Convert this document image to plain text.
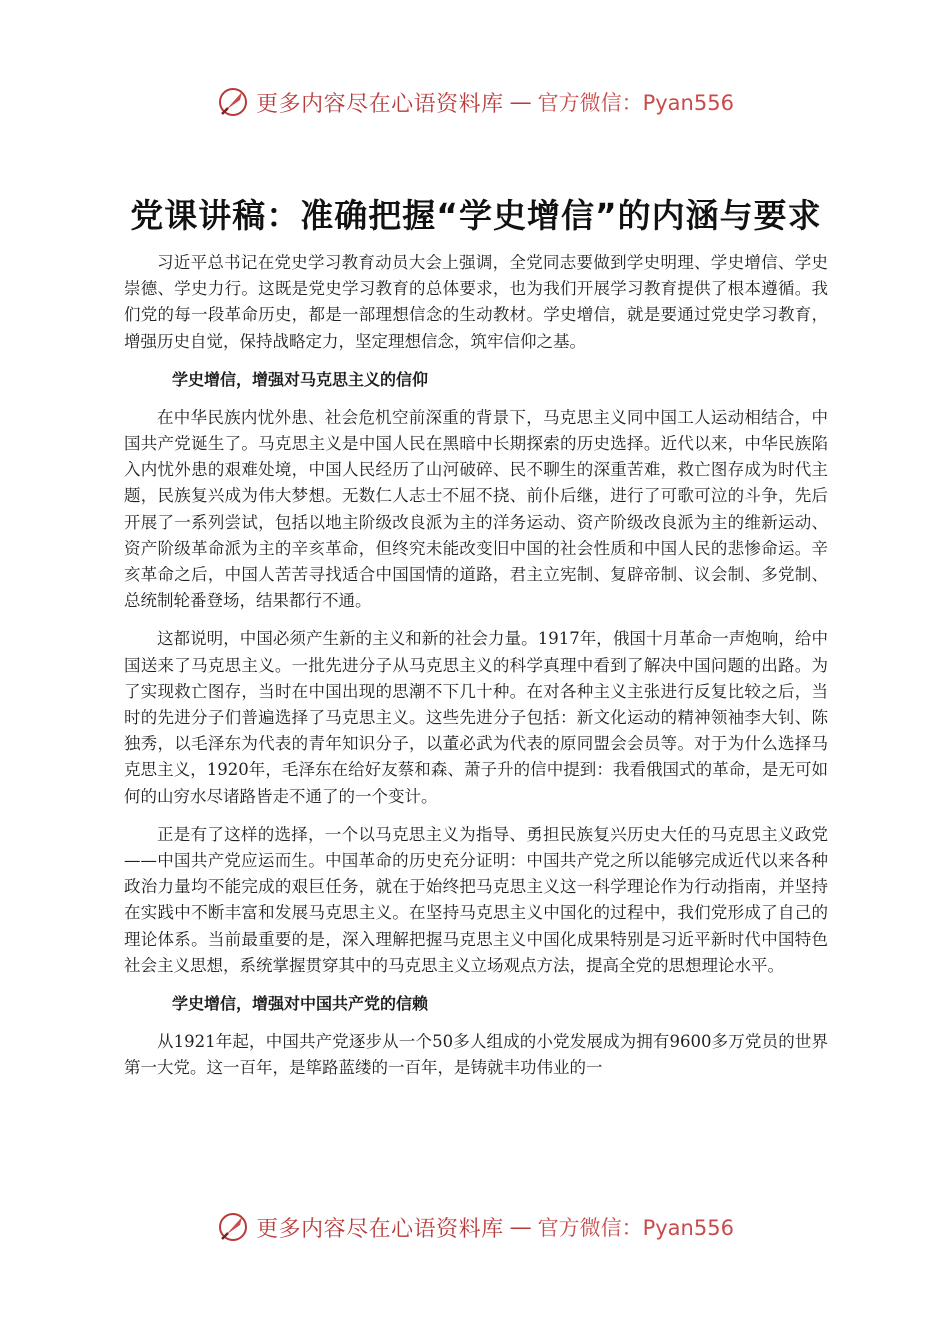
更多内容尽在心语资料库 — 官方微信：Pyan556
党课讲稿：准确把握“学史增信”的内涵与要求

习近平总书记在党史学习教育动员大会上强调，全党同志要做到学史明理、学史增信、学史崇德、学史力行。这既是党史学习教育的总体要求，也为我们开展学习教育提供了根本遵循。我们党的每一段革命历史，都是一部理想信念的生动教材。学史增信，就是要通过党史学习教育，增强历史自觉，保持战略定力，坚定理想信念，筑牢信仰之基。

学史增信，增强对马克思主义的信仰

在中华民族内忧外患、社会危机空前深重的背景下，马克思主义同中国工人运动相结合，中国共产党诞生了。马克思主义是中国人民在黑暗中长期探索的历史选择。近代以来，中华民族陷入内忧外患的艰难处境，中国人民经历了山河破碎、民不聊生的深重苦难，救亡图存成为时代主题，民族复兴成为伟大梦想。无数仁人志士不屈不挠、前仆后继，进行了可歌可泣的斗争，先后开展了一系列尝试，包括以地主阶级改良派为主的洋务运动、资产阶级改良派为主的维新运动、资产阶级革命派为主的辛亥革命，但终究未能改变旧中国的社会性质和中国人民的悲惨命运。辛亥革命之后，中国人苦苦寻找适合中国国情的道路，君主立宪制、复辟帝制、议会制、多党制、总统制轮番登场，结果都行不通。

这都说明，中国必须产生新的主义和新的社会力量。1917年，俄国十月革命一声炮响，给中国送来了马克思主义。一批先进分子从马克思主义的科学真理中看到了解决中国问题的出路。为了实现救亡图存，当时在中国出现的思潮不下几十种。在对各种主义主张进行反复比较之后，当时的先进分子们普遍选择了马克思主义。这些先进分子包括：新文化运动的精神领袖李大钊、陈独秀，以毛泽东为代表的青年知识分子，以董必武为代表的原同盟会会员等。对于为什么选择马克思主义，1920年，毛泽东在给好友蔡和森、萧子升的信中提到：我看俄国式的革命，是无可如何的山穷水尽诸路皆走不通了的一个变计。

正是有了这样的选择，一个以马克思主义为指导、勇担民族复兴历史大任的马克思主义政党——中国共产党应运而生。中国革命的历史充分证明：中国共产党之所以能够完成近代以来各种政治力量均不能完成的艰巨任务，就在于始终把马克思主义这一科学理论作为行动指南，并坚持在实践中不断丰富和发展马克思主义。在坚持马克思主义中国化的过程中，我们党形成了自己的理论体系。当前最重要的是，深入理解把握马克思主义中国化成果特别是习近平新时代中国特色社会主义思想，系统掌握贯穿其中的马克思主义立场观点方法，提高全党的思想理论水平。

学史增信，增强对中国共产党的信赖

从1921年起，中国共产党逐步从一个50多人组成的小党发展成为拥有9600多万党员的世界第一大党。这一百年，是筚路蓝缕的一百年，是铸就丰功伟业的一

更多内容尽在心语资料库 — 官方微信：Pyan556
